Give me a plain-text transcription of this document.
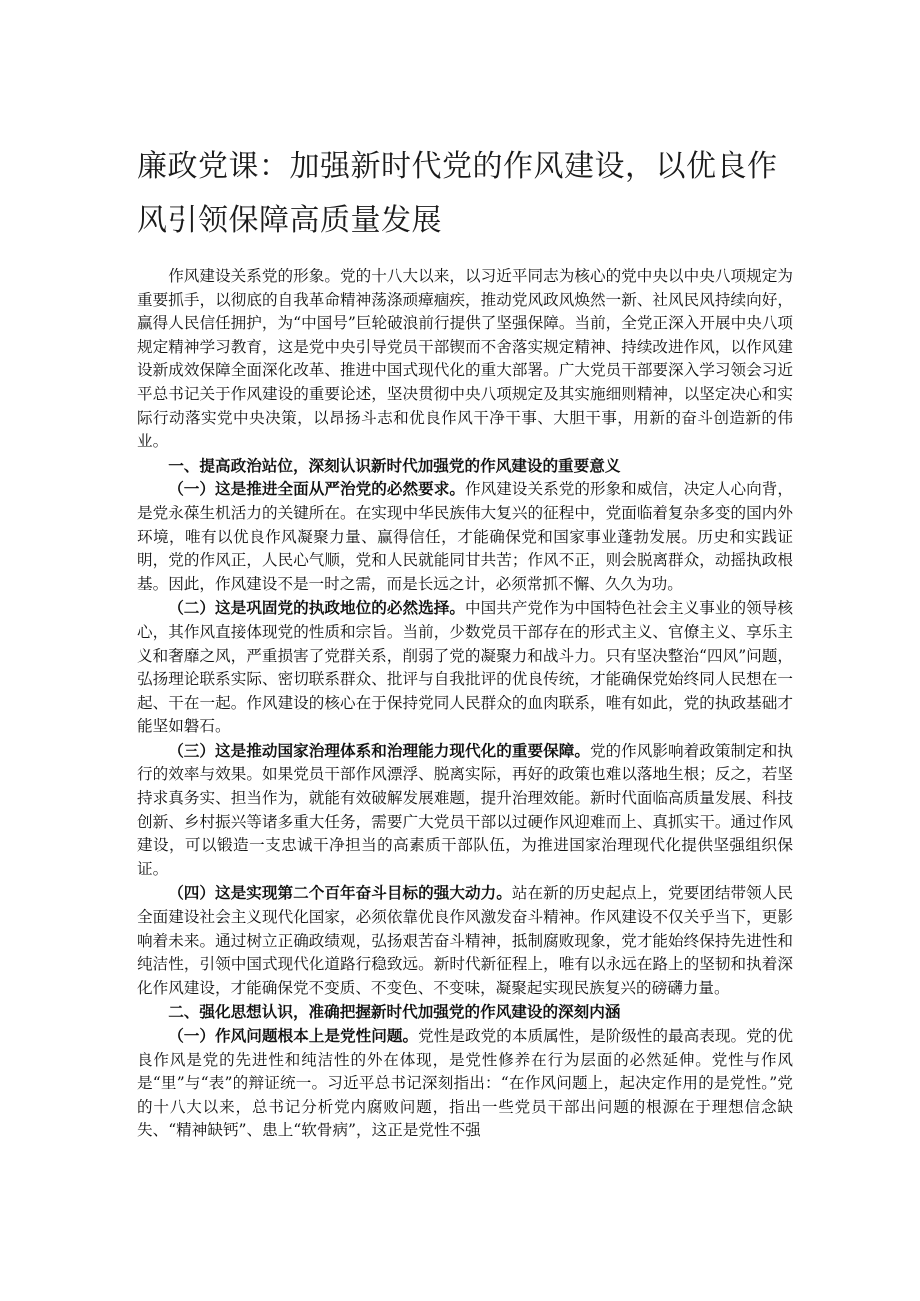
廉政党课：加强新时代党的作风建设，以优良作风引领保障高质量发展

作风建设关系党的形象。党的十八大以来，以习近平同志为核心的党中央以中央八项规定为重要抓手，以彻底的自我革命精神荡涤顽瘴痼疾，推动党风政风焕然一新、社风民风持续向好，赢得人民信任拥护，为“中国号”巨轮破浪前行提供了坚强保障。当前，全党正深入开展中央八项规定精神学习教育，这是党中央引导党员干部锲而不舍落实规定精神、持续改进作风，以作风建设新成效保障全面深化改革、推进中国式现代化的重大部署。广大党员干部要深入学习领会习近平总书记关于作风建设的重要论述，坚决贯彻中央八项规定及其实施细则精神，以坚定决心和实际行动落实党中央决策，以昂扬斗志和优良作风干净干事、大胆干事，用新的奋斗创造新的伟业。

一、提高政治站位，深刻认识新时代加强党的作风建设的重要意义

（一）这是推进全面从严治党的必然要求。作风建设关系党的形象和威信，决定人心向背，是党永葆生机活力的关键所在。在实现中华民族伟大复兴的征程中，党面临着复杂多变的国内外环境，唯有以优良作风凝聚力量、赢得信任，才能确保党和国家事业蓬勃发展。历史和实践证明，党的作风正，人民心气顺，党和人民就能同甘共苦；作风不正，则会脱离群众，动摇执政根基。因此，作风建设不是一时之需，而是长远之计，必须常抓不懈、久久为功。

（二）这是巩固党的执政地位的必然选择。中国共产党作为中国特色社会主义事业的领导核心，其作风直接体现党的性质和宗旨。当前，少数党员干部存在的形式主义、官僚主义、享乐主义和奢靡之风，严重损害了党群关系，削弱了党的凝聚力和战斗力。只有坚决整治“四风”问题，弘扬理论联系实际、密切联系群众、批评与自我批评的优良传统，才能确保党始终同人民想在一起、干在一起。作风建设的核心在于保持党同人民群众的血肉联系，唯有如此，党的执政基础才能坚如磐石。

（三）这是推动国家治理体系和治理能力现代化的重要保障。党的作风影响着政策制定和执行的效率与效果。如果党员干部作风漂浮、脱离实际，再好的政策也难以落地生根；反之，若坚持求真务实、担当作为，就能有效破解发展难题，提升治理效能。新时代面临高质量发展、科技创新、乡村振兴等诸多重大任务，需要广大党员干部以过硬作风迎难而上、真抓实干。通过作风建设，可以锻造一支忠诚干净担当的高素质干部队伍，为推进国家治理现代化提供坚强组织保证。

（四）这是实现第二个百年奋斗目标的强大动力。站在新的历史起点上，党要团结带领人民全面建设社会主义现代化国家，必须依靠优良作风激发奋斗精神。作风建设不仅关乎当下，更影响着未来。通过树立正确政绩观，弘扬艰苦奋斗精神，抵制腐败现象，党才能始终保持先进性和纯洁性，引领中国式现代化道路行稳致远。新时代新征程上，唯有以永远在路上的坚韧和执着深化作风建设，才能确保党不变质、不变色、不变味，凝聚起实现民族复兴的磅礴力量。

二、强化思想认识，准确把握新时代加强党的作风建设的深刻内涵

（一）作风问题根本上是党性问题。党性是政党的本质属性，是阶级性的最高表现。党的优良作风是党的先进性和纯洁性的外在体现，是党性修养在行为层面的必然延伸。党性与作风是“里”与“表”的辩证统一。习近平总书记深刻指出：“在作风问题上，起决定作用的是党性。”党的十八大以来，总书记分析党内腐败问题，指出一些党员干部出问题的根源在于理想信念缺失、“精神缺钙”、患上“软骨病”，这正是党性不强
